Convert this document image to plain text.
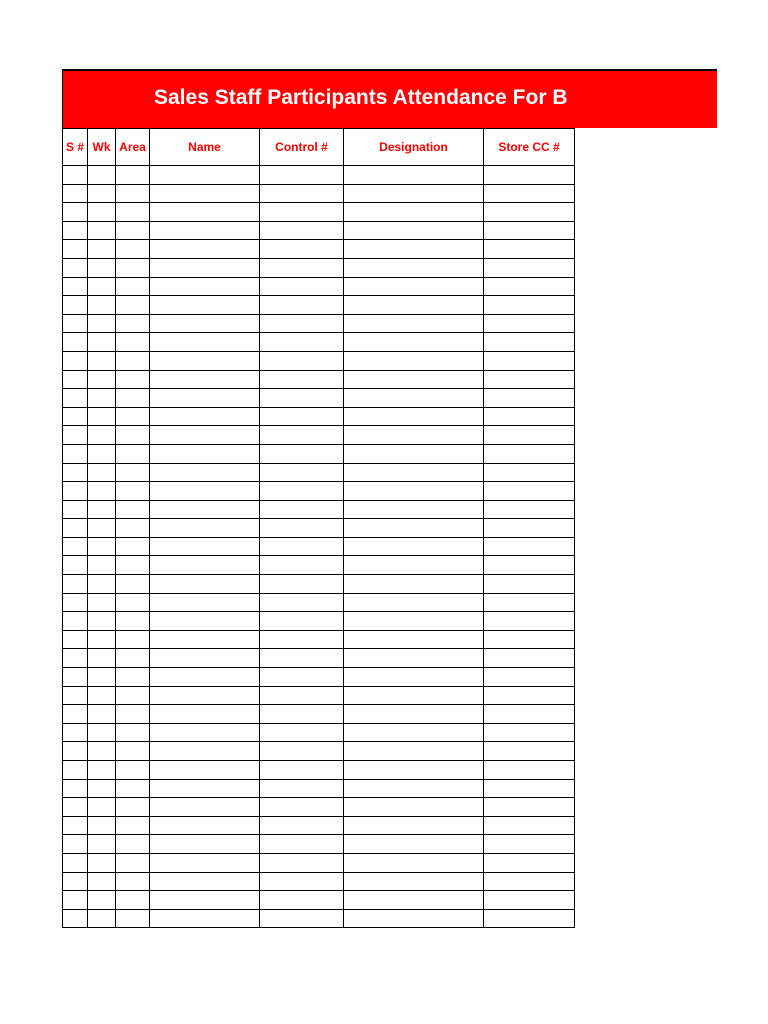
Sales Staff Participants Attendance For B
S #	Wk	Area	Name	Control #	Designation	Store CC #
